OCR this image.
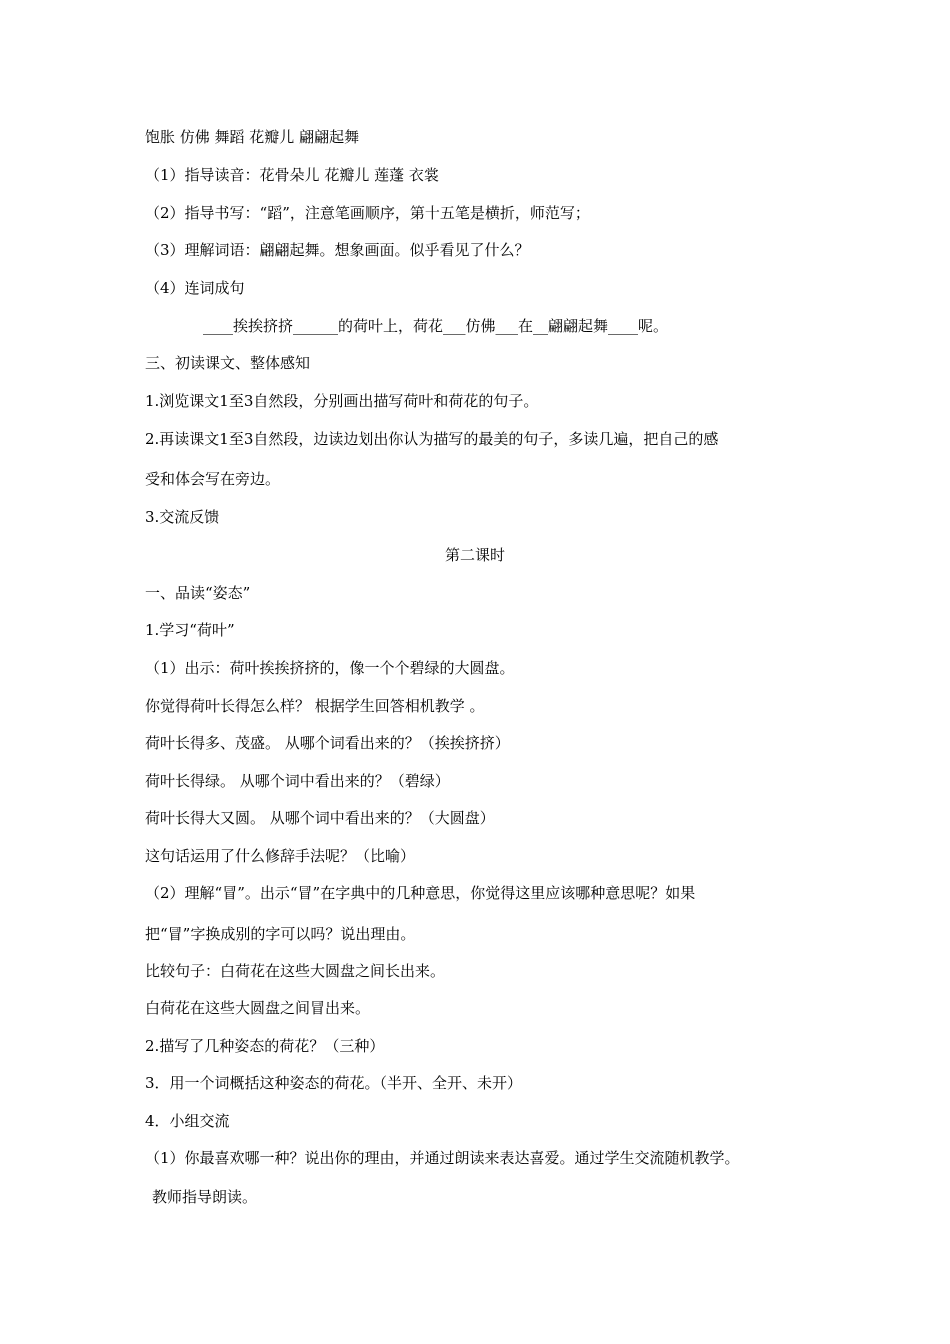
饱胀 仿佛 舞蹈 花瓣儿 翩翩起舞
（1）指导读音：花骨朵儿 花瓣儿 莲蓬 衣裳
（2）指导书写：“蹈”，注意笔画顺序，第十五笔是横折，师范写；
（3）理解词语：翩翩起舞。想象画面。似乎看见了什么？
（4）连词成句
____挨挨挤挤______的荷叶上，荷花___仿佛___在__翩翩起舞____呢。
三、初读课文、整体感知
1.浏览课文1至3自然段，分别画出描写荷叶和荷花的句子。
2.再读课文1至3自然段，边读边划出你认为描写的最美的句子，多读几遍，把自己的感
受和体会写在旁边。
3.交流反馈
第二课时
一、品读“姿态”
1.学习“荷叶”
（1）出示：荷叶挨挨挤挤的，像一个个碧绿的大圆盘。
你觉得荷叶长得怎么样？ 根据学生回答相机教学 。
荷叶长得多、茂盛。 从哪个词看出来的？（挨挨挤挤）
荷叶长得绿。 从哪个词中看出来的？（碧绿）
荷叶长得大又圆。 从哪个词中看出来的？（大圆盘）
这句话运用了什么修辞手法呢？（比喻）
（2）理解“冒”。出示“冒”在字典中的几种意思，你觉得这里应该哪种意思呢？如果
把“冒”字换成别的字可以吗？说出理由。
比较句子：白荷花在这些大圆盘之间长出来。
白荷花在这些大圆盘之间冒出来。
2.描写了几种姿态的荷花？（三种）
3．用一个词概括这种姿态的荷花。（半开、全开、未开）
4．小组交流
（1）你最喜欢哪一种？说出你的理由，并通过朗读来表达喜爱。通过学生交流随机教学。
教师指导朗读。
